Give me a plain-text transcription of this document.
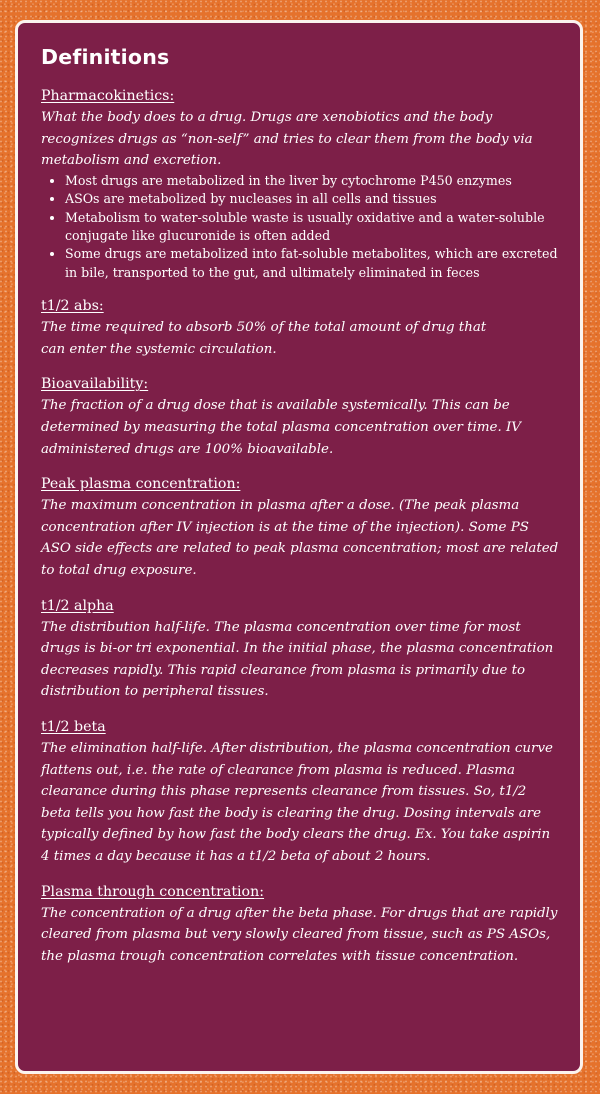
Definitions

Pharmacokinetics:

What the body does to a drug. Drugs are xenobiotics and the body recognizes drugs as “non-self” and tries to clear them from the body via metabolism and excretion.

• Most drugs are metabolized in the liver by cytochrome P450 enzymes
• ASOs are metabolized by nucleases in all cells and tissues
• Metabolism to water-soluble waste is usually oxidative and a water-soluble conjugate like glucuronide is often added
• Some drugs are metabolized into fat-soluble metabolites, which are excreted in bile, transported to the gut, and ultimately eliminated in feces

t1/2 abs:

The time required to absorb 50% of the total amount of drug that can enter the systemic circulation.

Bioavailability:

The fraction of a drug dose that is available systemically. This can be determined by measuring the total plasma concentration over time. IV administered drugs are 100% bioavailable.

Peak plasma concentration:

The maximum concentration in plasma after a dose. (The peak plasma concentration after IV injection is at the time of the injection). Some PS ASO side effects are related to peak plasma concentration; most are related to total drug exposure.

t1/2 alpha

The distribution half-life. The plasma concentration over time for most drugs is bi-or tri exponential. In the initial phase, the plasma concentration decreases rapidly. This rapid clearance from plasma is primarily due to distribution to peripheral tissues.

t1/2 beta

The elimination half-life. After distribution, the plasma concentration curve flattens out, i.e. the rate of clearance from plasma is reduced. Plasma clearance during this phase represents clearance from tissues. So, t1/2 beta tells you how fast the body is clearing the drug. Dosing intervals are typically defined by how fast the body clears the drug. Ex. You take aspirin 4 times a day because it has a t1/2 beta of about 2 hours.

Plasma through concentration:

The concentration of a drug after the beta phase. For drugs that are rapidly cleared from plasma but very slowly cleared from tissue, such as PS ASOs, the plasma trough concentration correlates with tissue concentration.
